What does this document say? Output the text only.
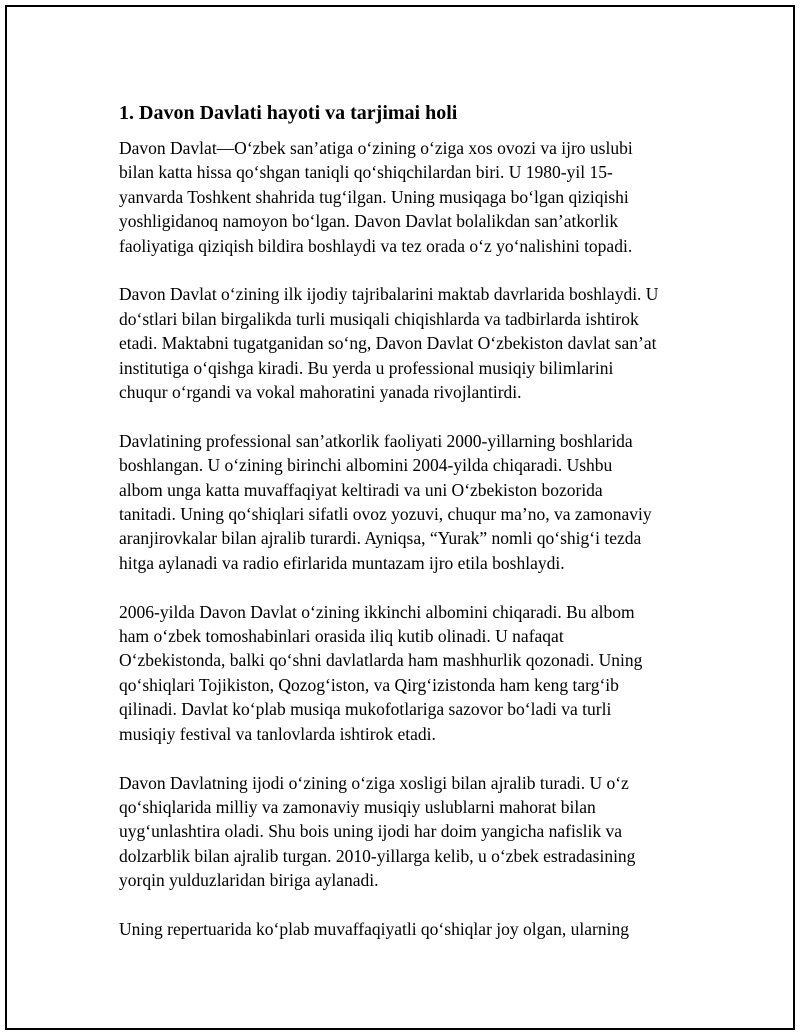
1. Davon Davlati hayoti va tarjimai holi

Davon Davlat—O‘zbek san’atiga o‘zining o‘ziga xos ovozi va ijro uslubi
bilan katta hissa qo‘shgan taniqli qo‘shiqchilardan biri. U 1980-yil 15-
yanvarda Toshkent shahrida tug‘ilgan. Uning musiqaga bo‘lgan qiziqishi
yoshligidanoq namoyon bo‘lgan. Davon Davlat bolalikdan san’atkorlik
faoliyatiga qiziqish bildira boshlaydi va tez orada o‘z yo‘nalishini topadi.

Davon Davlat o‘zining ilk ijodiy tajribalarini maktab davrlarida boshlaydi. U
do‘stlari bilan birgalikda turli musiqali chiqishlarda va tadbirlarda ishtirok
etadi. Maktabni tugatganidan so‘ng, Davon Davlat O‘zbekiston davlat san’at
institutiga o‘qishga kiradi. Bu yerda u professional musiqiy bilimlarini
chuqur o‘rgandi va vokal mahoratini yanada rivojlantirdi.

Davlatining professional san’atkorlik faoliyati 2000-yillarning boshlarida
boshlangan. U o‘zining birinchi albomini 2004-yilda chiqaradi. Ushbu
albom unga katta muvaffaqiyat keltiradi va uni O‘zbekiston bozorida
tanitadi. Uning qo‘shiqlari sifatli ovoz yozuvi, chuqur ma’no, va zamonaviy
aranjirovkalar bilan ajralib turardi. Ayniqsa, “Yurak” nomli qo‘shig‘i tezda
hitga aylanadi va radio efirlarida muntazam ijro etila boshlaydi.

2006-yilda Davon Davlat o‘zining ikkinchi albomini chiqaradi. Bu albom
ham o‘zbek tomoshabinlari orasida iliq kutib olinadi. U nafaqat
O‘zbekistonda, balki qo‘shni davlatlarda ham mashhurlik qozonadi. Uning
qo‘shiqlari Tojikiston, Qozog‘iston, va Qirg‘izistonda ham keng targ‘ib
qilinadi. Davlat ko‘plab musiqa mukofotlariga sazovor bo‘ladi va turli
musiqiy festival va tanlovlarda ishtirok etadi.

Davon Davlatning ijodi o‘zining o‘ziga xosligi bilan ajralib turadi. U o‘z
qo‘shiqlarida milliy va zamonaviy musiqiy uslublarni mahorat bilan
uyg‘unlashtira oladi. Shu bois uning ijodi har doim yangicha nafislik va
dolzarblik bilan ajralib turgan. 2010-yillarga kelib, u o‘zbek estradasining
yorqin yulduzlaridan biriga aylanadi.

Uning repertuarida ko‘plab muvaffaqiyatli qo‘shiqlar joy olgan, ularning
